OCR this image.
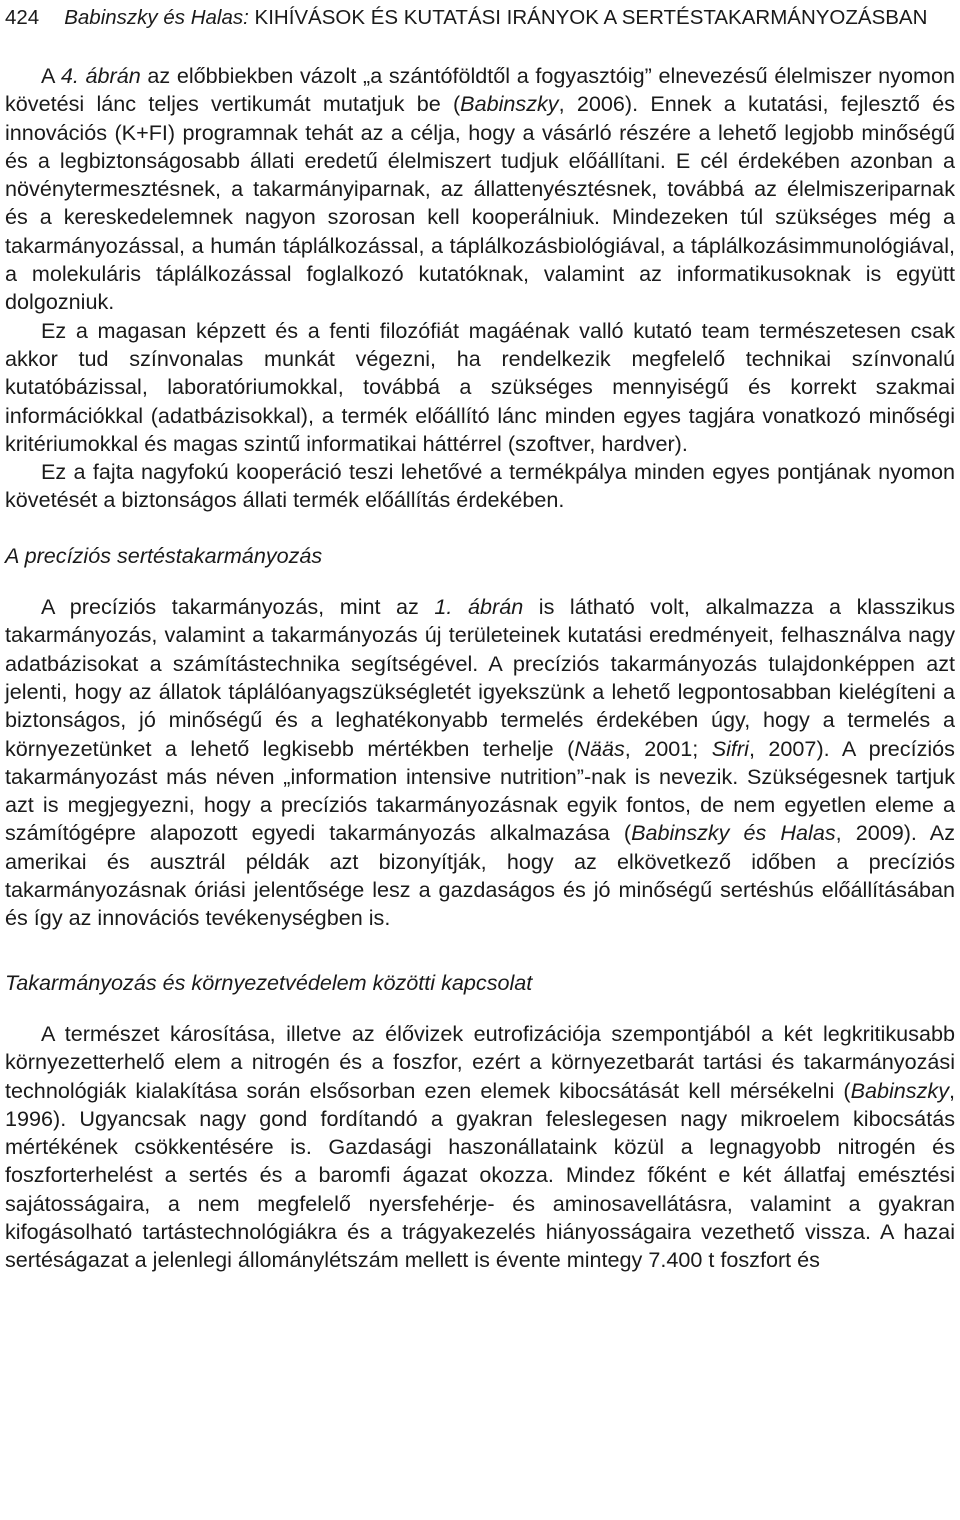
424 Babinszky és Halas: KIHÍVÁSOK ÉS KUTATÁSI IRÁNYOK A SERTÉSTAKARMÁNYOZÁSBAN

A 4. ábrán az előbbiekben vázolt „a szántóföldtől a fogyasztóig” elnevezésű élelmiszer nyomon követési lánc teljes vertikumát mutatjuk be (Babinszky, 2006). Ennek a kutatási, fejlesztő és innovációs (K+FI) programnak tehát az a célja, hogy a vásárló részére a lehető legjobb minőségű és a legbiztonságosabb állati eredetű élelmiszert tudjuk előállítani. E cél érdekében azonban a növénytermesztésnek, a takarmányiparnak, az állattenyésztésnek, továbbá az élelmiszeriparnak és a kereskedelemnek nagyon szorosan kell kooperálniuk. Mindezeken túl szükséges még a takarmányozással, a humán táplálkozással, a táplálkozásbiológiával, a táplálkozásimmunológiával, a molekuláris táplálkozással foglalkozó kutatóknak, valamint az informatikusoknak is együtt dolgozniuk.

Ez a magasan képzett és a fenti filozófiát magáénak valló kutató team természetesen csak akkor tud színvonalas munkát végezni, ha rendelkezik megfelelő technikai színvonalú kutatóbázissal, laboratóriumokkal, továbbá a szükséges mennyiségű és korrekt szakmai információkkal (adatbázisokkal), a termék előállító lánc minden egyes tagjára vonatkozó minőségi kritériumokkal és magas szintű informatikai háttérrel (szoftver, hardver).

Ez a fajta nagyfokú kooperáció teszi lehetővé a termékpálya minden egyes pontjának nyomon követését a biztonságos állati termék előállítás érdekében.

A precíziós sertéstakarmányozás

A precíziós takarmányozás, mint az 1. ábrán is látható volt, alkalmazza a klasszikus takarmányozás, valamint a takarmányozás új területeinek kutatási eredményeit, felhasználva nagy adatbázisokat a számítástechnika segítségével. A precíziós takarmányozás tulajdonképpen azt jelenti, hogy az állatok táplálóanyagszükségletét igyekszünk a lehető legpontosabban kielégíteni a biztonságos, jó minőségű és a leghatékonyabb termelés érdekében úgy, hogy a termelés a környezetünket a lehető legkisebb mértékben terhelje (Nääs, 2001; Sifri, 2007). A precíziós takarmányozást más néven „information intensive nutrition”-nak is nevezik. Szükségesnek tartjuk azt is megjegyezni, hogy a precíziós takarmányozásnak egyik fontos, de nem egyetlen eleme a számítógépre alapozott egyedi takarmányozás alkalmazása (Babinszky és Halas, 2009). Az amerikai és ausztrál példák azt bizonyítják, hogy az elkövetkező időben a precíziós takarmányozásnak óriási jelentősége lesz a gazdaságos és jó minőségű sertéshús előállításában és így az innovációs tevékenységben is.

Takarmányozás és környezetvédelem közötti kapcsolat

A természet károsítása, illetve az élővizek eutrofizációja szempontjából a két legkritikusabb környezetterhelő elem a nitrogén és a foszfor, ezért a környezetbarát tartási és takarmányozási technológiák kialakítása során elsősorban ezen elemek kibocsátását kell mérsékelni (Babinszky, 1996). Ugyancsak nagy gond fordítandó a gyakran feleslegesen nagy mikroelem kibocsátás mértékének csökkentésére is. Gazdasági haszonállataink közül a legnagyobb nitrogén és foszforterhelést a sertés és a baromfi ágazat okozza. Mindez főként e két állatfaj emésztési sajátosságaira, a nem megfelelő nyersfehérje- és aminosavellátásra, valamint a gyakran kifogásolható tartástechnológiákra és a trágyakezelés hiányosságaira vezethető vissza. A hazai sertéságazat a jelenlegi állománylétszám mellett is évente mintegy 7.400 t foszfort és
